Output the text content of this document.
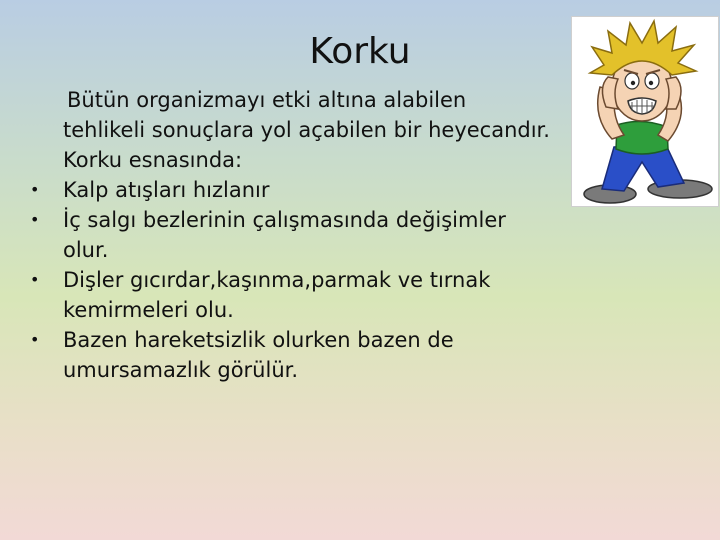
Korku

Bütün organizmayı etki altına alabilen tehlikeli sonuçlara yol açabilen bir heyecandır.

Korku esnasında:

•	Kalp atışları hızlanır
•	İç salgı bezlerinin çalışmasında değişimler olur.
•	Dişler gıcırdar,kaşınma,parmak ve tırnak kemirmeleri olu.
•	Bazen hareketsizlik olurken bazen de umursamazlık görülür.
